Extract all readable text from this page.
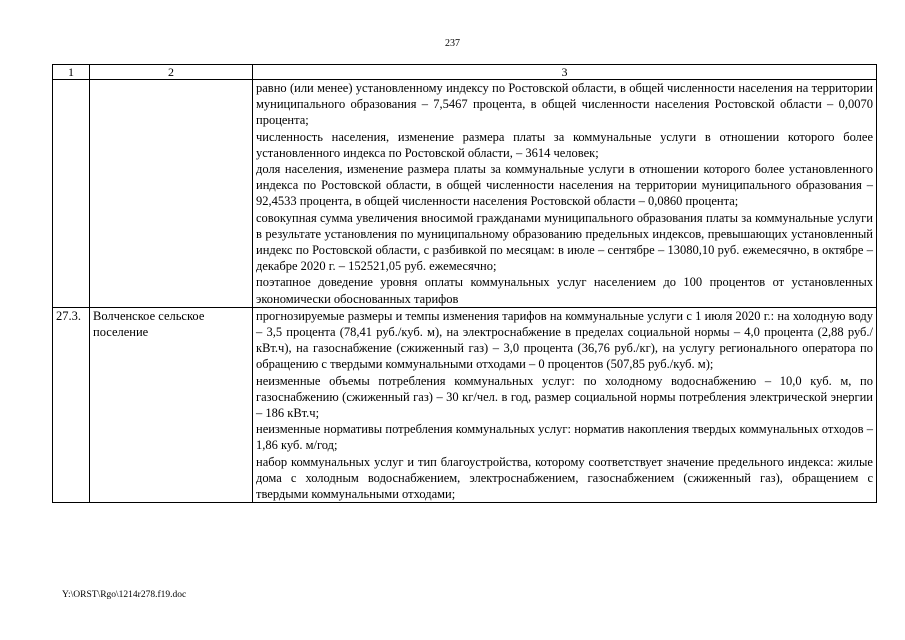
237
1	2	3

		равно (или менее) установленному индексу по Ростовской области, в общей численности населения на территории муниципального образования – 7,5467 процента, в общей численности населения Ростовской области – 0,0070 процента;

численность населения, изменение размера платы за коммунальные услуги в отношении которого более установленного индекса по Ростовской области, – 3614 человек;

доля населения, изменение размера платы за коммунальные услуги в отношении которого более установленного индекса по Ростовской области, в общей численности населения на территории муниципального образования – 92,4533 процента, в общей численности населения Ростовской области – 0,0860 процента;

совокупная сумма увеличения вносимой гражданами муниципального образования платы за коммунальные услуги в результате установления по муниципальному образованию предельных индексов, превышающих установленный индекс по Ростовской области, с разбивкой по месяцам: в июле – сентябре – 13080,10 руб. ежемесячно, в октябре – декабре 2020 г. – 152521,05 руб. ежемесячно;

поэтапное доведение уровня оплаты коммунальных услуг населением до 100 процентов от установленных экономически обоснованных тарифов

27.3.	Волченское сельское поселение	прогнозируемые размеры и темпы изменения тарифов на коммунальные услуги с 1 июля 2020 г.: на холодную воду – 3,5 процента (78,41 руб./куб. м), на электроснабжение в пределах социальной нормы – 4,0 процента (2,88 руб./кВт.ч), на газоснабжение (сжиженный газ) – 3,0 процента (36,76 руб./кг), на услугу регионального оператора по обращению с твердыми коммунальными отходами – 0 процентов (507,85 руб./куб. м);

неизменные объемы потребления коммунальных услуг: по холодному водоснабжению – 10,0 куб. м, по газоснабжению (сжиженный газ) – 30 кг/чел. в год, размер социальной нормы потребления электрической энергии – 186 кВт.ч;

неизменные нормативы потребления коммунальных услуг: норматив накопления твердых коммунальных отходов – 1,86 куб. м/год;

набор коммунальных услуг и тип благоустройства, которому соответствует значение предельного индекса: жилые дома с холодным водоснабжением, электроснабжением, газоснабжением (сжиженный газ), обращением с твердыми коммунальными отходами;

Y:\ORST\Rgo\1214r278.f19.doc
